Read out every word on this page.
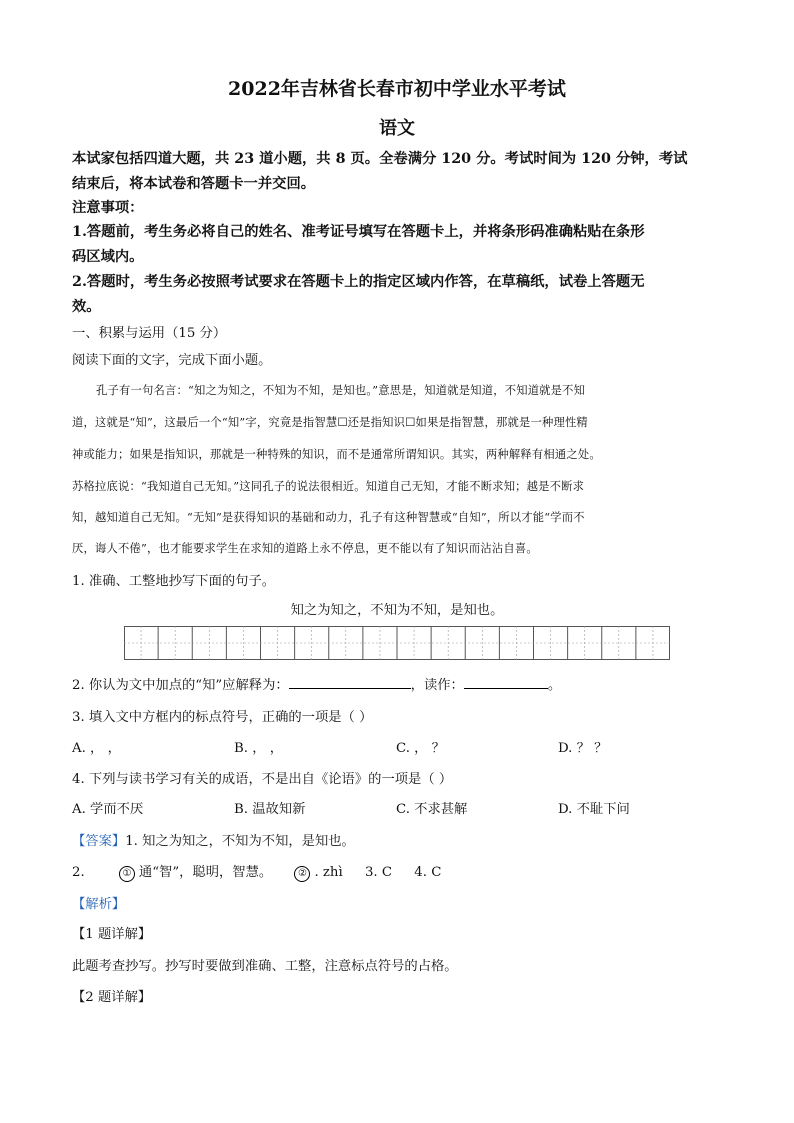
2022年吉林省长春市初中学业水平考试
语文
本试家包括四道大题，共 23 道小题，共 8 页。全卷满分 120 分。考试时间为 120 分钟，考试
结束后，将本试卷和答题卡一并交回。
注意事项：
1.答题前，考生务必将自己的姓名、准考证号填写在答题卡上，并将条形码准确粘贴在条形
码区域内。
2.答题时，考生务必按照考试要求在答题卡上的指定区域内作答，在草稿纸，试卷上答题无
效。
一、积累与运用（15 分）
阅读下面的文字，完成下面小题。
孔子有一句名言：“知之为知之，不知为不知，是知也。”意思是，知道就是知道，不知道就是不知
道，这就是“知”，这最后一个“知”字，究竟是指智慧☐还是指知识☐如果是指智慧，那就是一种理性精
神或能力；如果是指知识，那就是一种特殊的知识，而不是通常所谓知识。其实，两种解释有相通之处。
苏格拉底说：“我知道自己无知。”这同孔子的说法很相近。知道自己无知，才能不断求知；越是不断求
知，越知道自己无知。“无知”是获得知识的基础和动力，孔子有这种智慧或“自知”，所以才能“学而不
厌，诲人不倦”，也才能要求学生在求知的道路上永不停息，更不能以有了知识而沾沾自喜。
1. 准确、工整地抄写下面的句子。
知之为知之，不知为不知，是知也。
2. 你认为文中加点的“知”应解释为：	，读作：	。
3. 填入文中方框内的标点符号，正确的一项是（ ）
A. ， ，	B. ， ，	C. ， ？	D. ？ ？
4. 下列与读书学习有关的成语，不是出自《论语》的一项是（ ）
A. 学而不厌	B. 温故知新	C. 不求甚解	D. 不耻下问
【答案】1. 知之为知之，不知为不知，是知也。
2.	① 通“智”，聪明，智慧。	② . zhì 3. C 4. C
【解析】
【1 题详解】
此题考查抄写。抄写时要做到准确、工整，注意标点符号的占格。
【2 题详解】
